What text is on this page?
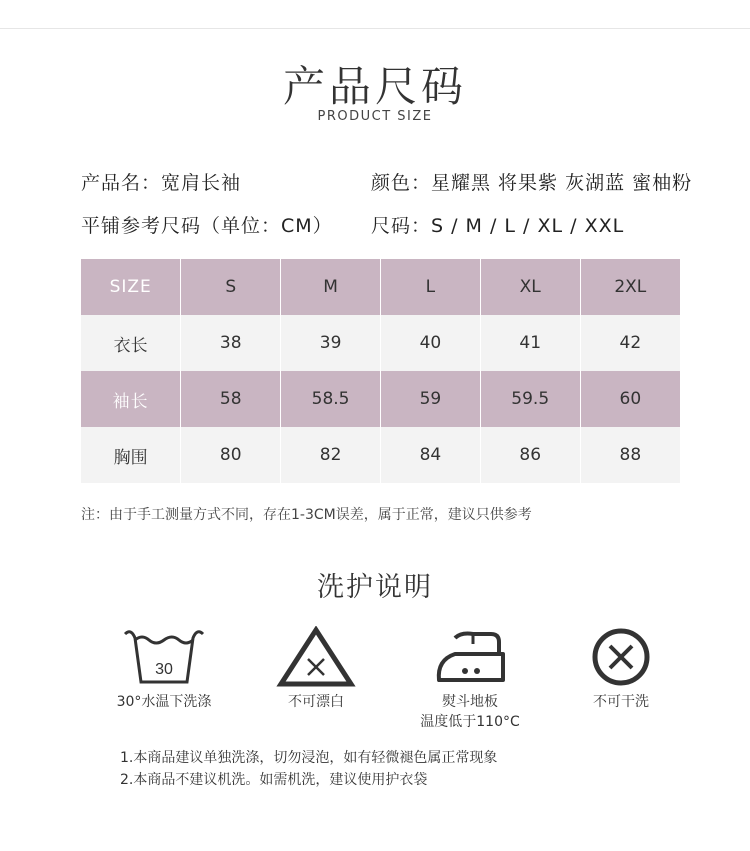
产品尺码
PRODUCT SIZE
产品名：宽肩长袖	颜色：星耀黑 将果紫 灰湖蓝 蜜柚粉
平铺参考尺码（单位：CM） 尺码：S / M / L / XL / XXL
SIZE	S	M	L	XL	2XL
衣长	38	39	40	41	42
袖长	58	58.5	59	59.5	60
胸围	80	82	84	86	88
注：由于手工测量方式不同，存在1-3CM误差，属于正常，建议只供参考
洗护说明
30
30°水温下洗涤	不可漂白	熨斗地板
温度低于110°C
不可干洗
1.本商品建议单独洗涤，切勿浸泡，如有轻微褪色属正常现象
2.本商品不建议机洗。如需机洗，建议使用护衣袋
